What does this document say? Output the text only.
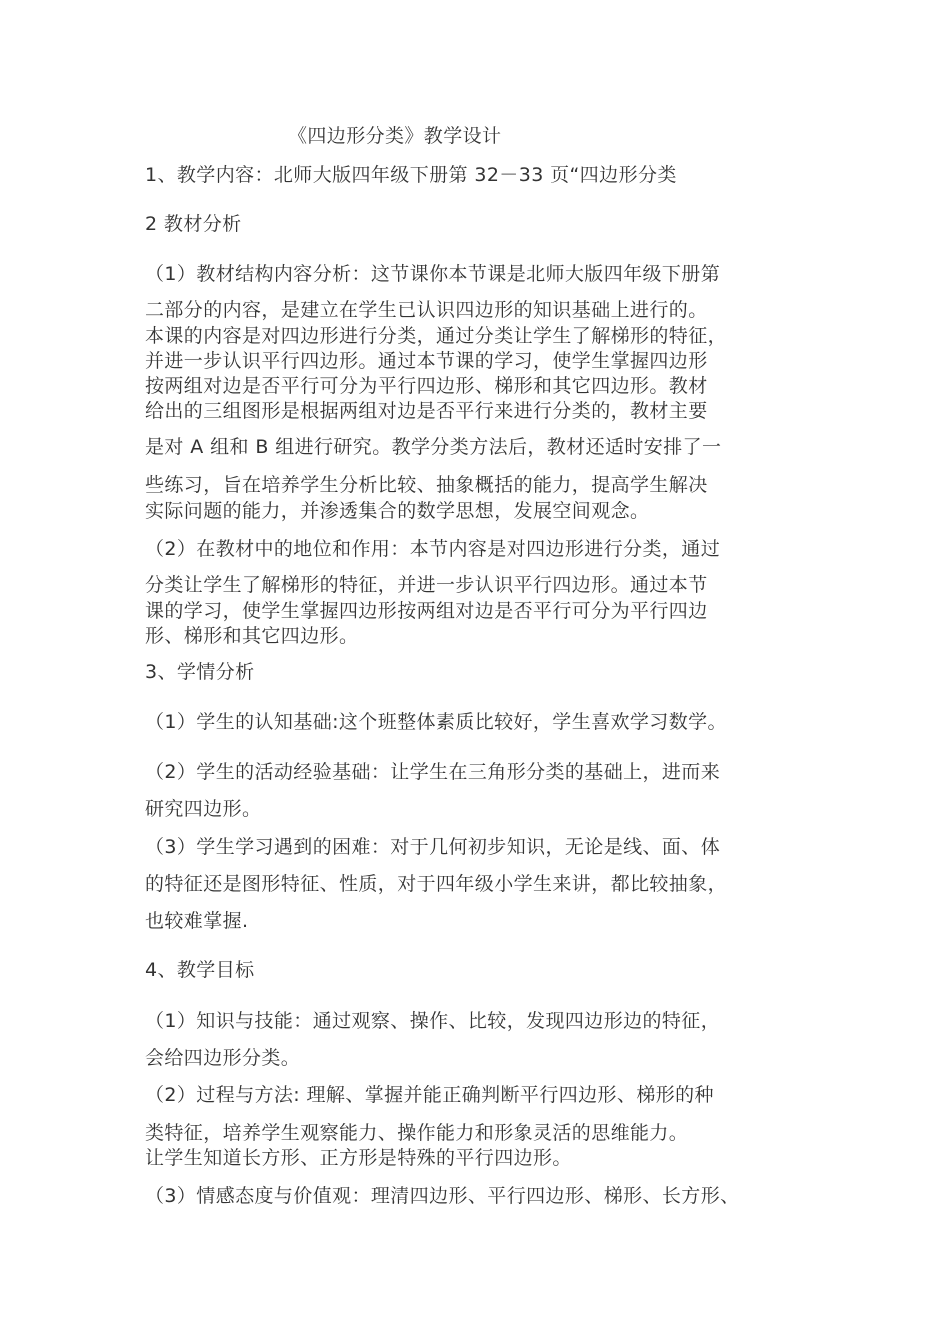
《四边形分类》教学设计
1、教学内容：北师大版四年级下册第 32－33 页“四边形分类
2 教材分析
（1）教材结构内容分析：这节课你本节课是北师大版四年级下册第
二部分的内容，是建立在学生已认识四边形的知识基础上进行的。
本课的内容是对四边形进行分类，通过分类让学生了解梯形的特征，
并进一步认识平行四边形。通过本节课的学习，使学生掌握四边形
按两组对边是否平行可分为平行四边形、梯形和其它四边形。教材
给出的三组图形是根据两组对边是否平行来进行分类的，教材主要
是对 A 组和 B 组进行研究。教学分类方法后，教材还适时安排了一
些练习，旨在培养学生分析比较、抽象概括的能力，提高学生解决
实际问题的能力，并渗透集合的数学思想，发展空间观念。
（2）在教材中的地位和作用：本节内容是对四边形进行分类，通过
分类让学生了解梯形的特征，并进一步认识平行四边形。通过本节
课的学习，使学生掌握四边形按两组对边是否平行可分为平行四边
形、梯形和其它四边形。
3、学情分析
（1）学生的认知基础:这个班整体素质比较好，学生喜欢学习数学。
（2）学生的活动经验基础：让学生在三角形分类的基础上，进而来
研究四边形。
（3）学生学习遇到的困难：对于几何初步知识，无论是线、面、体
的特征还是图形特征、性质，对于四年级小学生来讲，都比较抽象，
也较难掌握.
4、教学目标
（1）知识与技能：通过观察、操作、比较，发现四边形边的特征，
会给四边形分类。
（2）过程与方法: 理解、掌握并能正确判断平行四边形、梯形的种
类特征，培养学生观察能力、操作能力和形象灵活的思维能力。
让学生知道长方形、正方形是特殊的平行四边形。
（3）情感态度与价值观：理清四边形、平行四边形、梯形、长方形、
